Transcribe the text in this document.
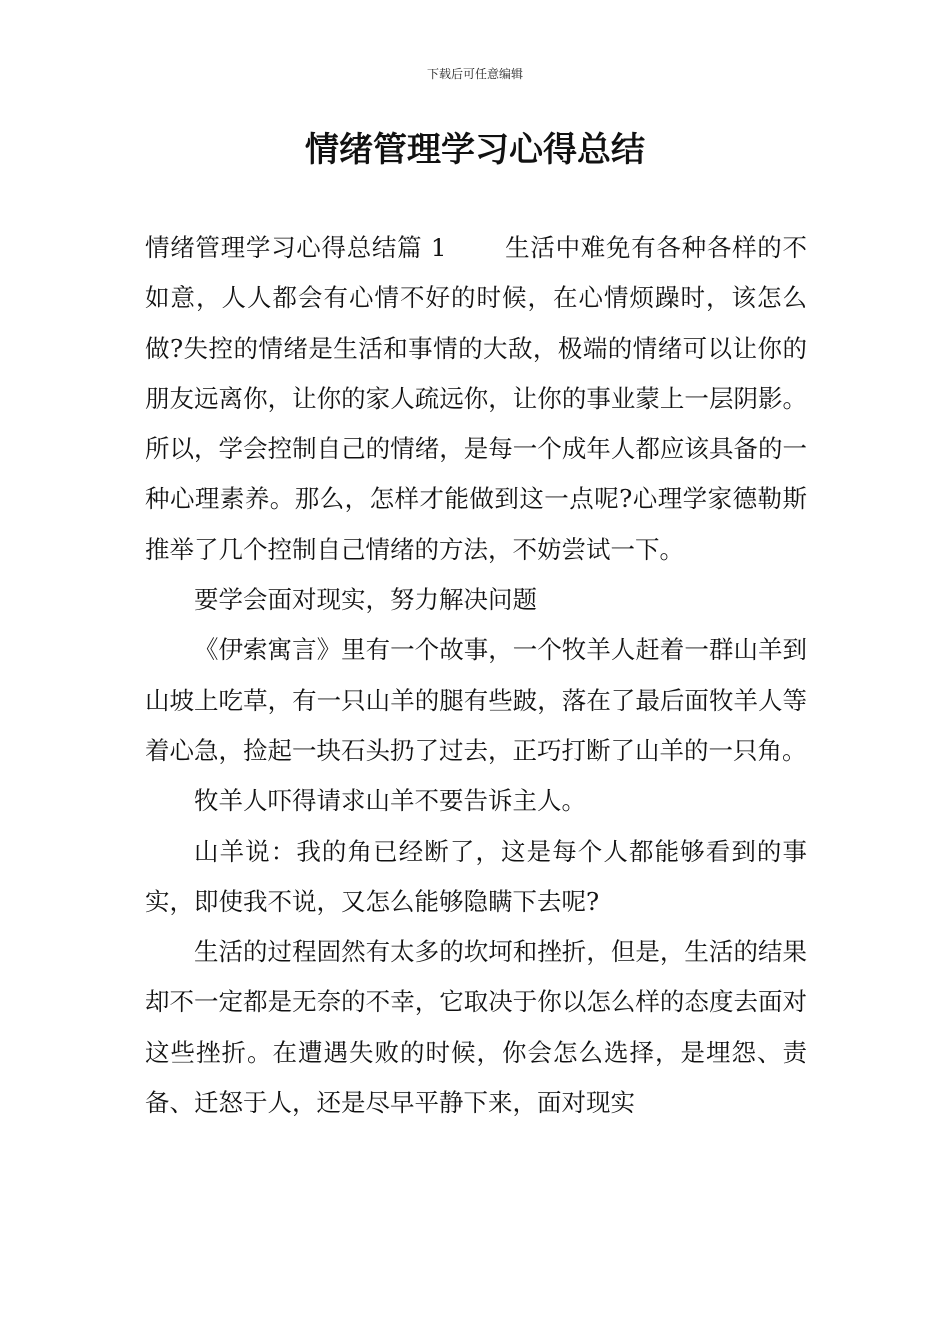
下载后可任意编辑
情绪管理学习心得总结

情绪管理学习心得总结篇 1 生活中难免有各种各样的不如意，人人都会有心情不好的时候，在心情烦躁时，该怎么做?失控的情绪是生活和事情的大敌，极端的情绪可以让你的朋友远离你，让你的家人疏远你，让你的事业蒙上一层阴影。所以，学会控制自己的情绪，是每一个成年人都应该具备的一种心理素养。那么，怎样才能做到这一点呢?心理学家德勒斯推举了几个控制自己情绪的方法，不妨尝试一下。

要学会面对现实，努力解决问题

《伊索寓言》里有一个故事，一个牧羊人赶着一群山羊到山坡上吃草，有一只山羊的腿有些跛，落在了最后面牧羊人等着心急，捡起一块石头扔了过去，正巧打断了山羊的一只角。

牧羊人吓得请求山羊不要告诉主人。

山羊说：我的角已经断了，这是每个人都能够看到的事实，即使我不说，又怎么能够隐瞒下去呢?

生活的过程固然有太多的坎坷和挫折，但是，生活的结果却不一定都是无奈的不幸，它取决于你以怎么样的态度去面对这些挫折。在遭遇失败的时候，你会怎么选择，是埋怨、责备、迁怒于人，还是尽早平静下来，面对现实
